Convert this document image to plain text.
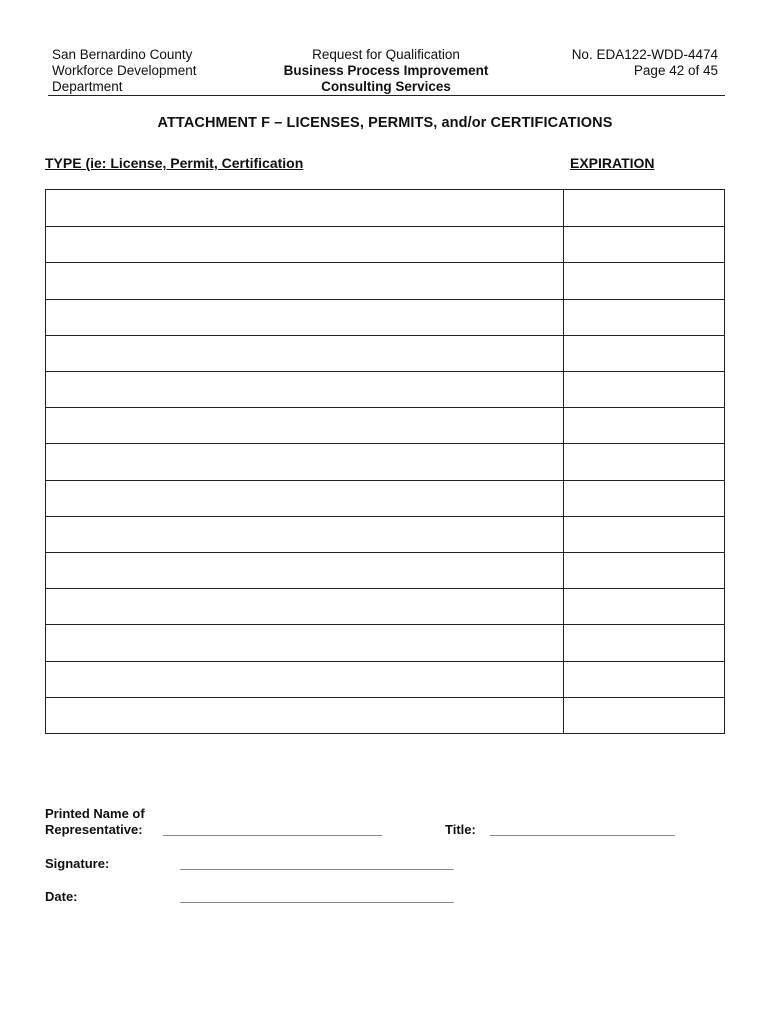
San Bernardino County
Workforce Development
Department
Request for Qualification
Business Process Improvement
Consulting Services
No. EDA122-WDD-4474
Page 42 of 45
ATTACHMENT F – LICENSES, PERMITS, and/or CERTIFICATIONS
TYPE (ie: License, Permit, Certification	EXPIRATION
Printed Name of
Representative: ________________________________	Title: ___________________________
Signature:	________________________________________
Date:	________________________________________
